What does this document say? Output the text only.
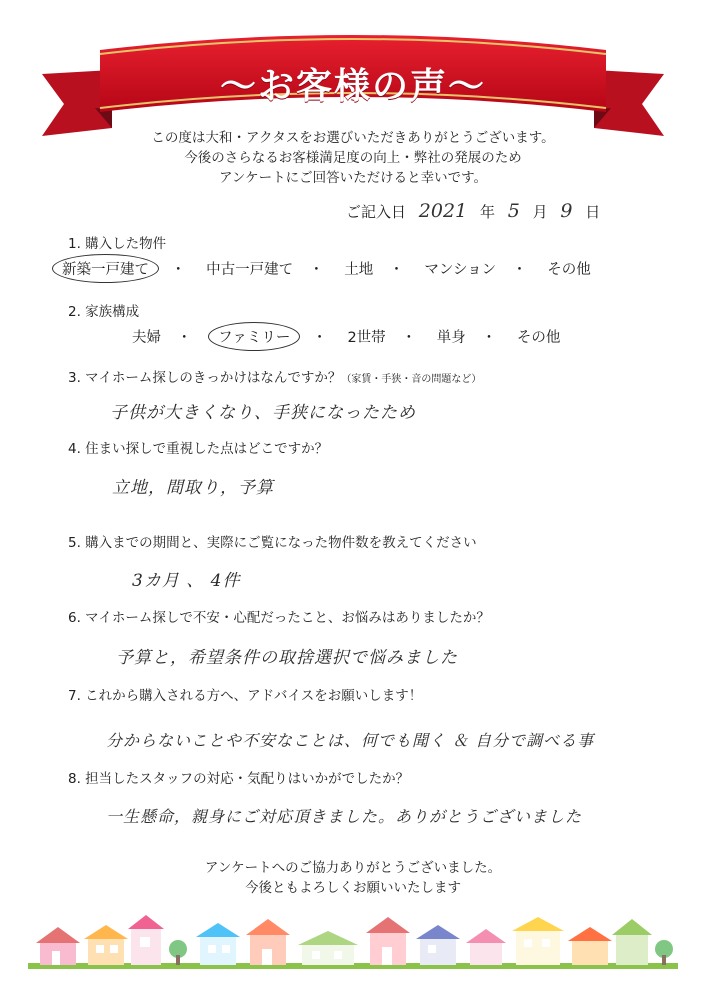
〜お客様の声〜
この度は大和・アクタスをお選びいただきありがとうございます。
今後のさらなるお客様満足度の向上・弊社の発展のため
アンケートにご回答いただけると幸いです。
ご記入日 2021 年 5 月 9 日
1. 購入した物件
新築一戸建て ・ 中古一戸建て ・ 土地 ・ マンション ・ その他
2. 家族構成
夫婦 ・ ファミリー ・ 2世帯 ・ 単身 ・ その他
3. マイホーム探しのきっかけはなんですか？（家賃・手狭・音の問題など）
子供が大きくなり、手狭になったため
4. 住まい探しで重視した点はどこですか？
立地，間取り，予算
5. 購入までの期間と、実際にご覧になった物件数を教えてください
3カ月 、 4件
6. マイホーム探しで不安・心配だったこと、お悩みはありましたか？
予算と，希望条件の取捨選択で悩みました
7. これから購入される方へ、アドバイスをお願いします！
分からないことや不安なことは、何でも聞く ＆ 自分で調べる事
8. 担当したスタッフの対応・気配りはいかがでしたか？
一生懸命，親身にご対応頂きました。ありがとうございました
アンケートへのご協力ありがとうございました。
今後ともよろしくお願いいたします
